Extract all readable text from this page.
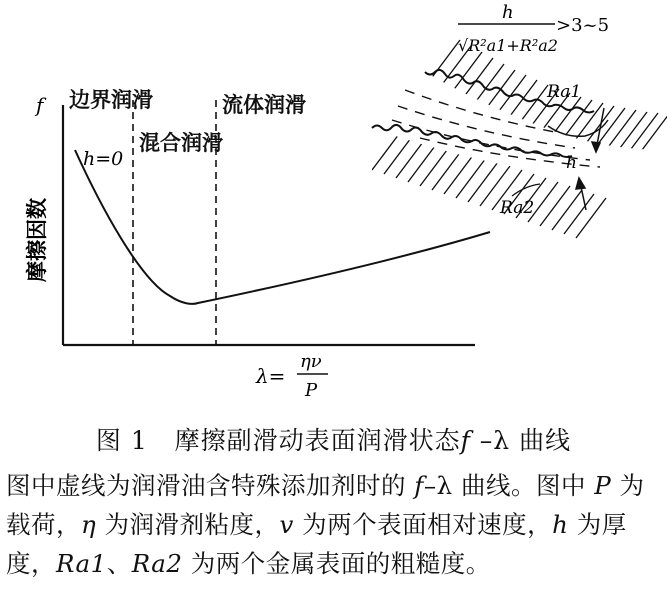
f
摩擦因数
λ=
ην
P
边界润滑
混合润滑
流体润滑
h=0
h
√R²a1+R²a2
>3~5
Ra1
h
Ra2
图 1 摩擦副滑动表面润滑状态f –λ 曲线
图中虚线为润滑油含特殊添加剂时的 f–λ 曲线。图中 P 为载荷，η 为润滑剂粘度，v 为两个表面相对速度，h 为厚度，Ra1、Ra2 为两个金属表面的粗糙度。
